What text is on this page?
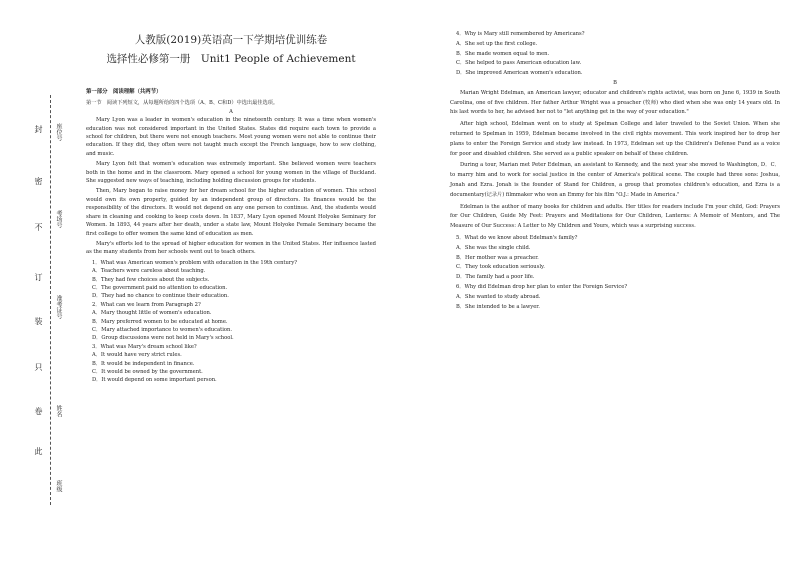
封
密
不
订
装
只
卷
此
座位号
考场号
准考证号
姓名
班级
人教版(2019)英语高一下学期培优训练卷
选择性必修第一册　Unit1 People of Achievement
第一部分　阅读理解（共两节）
第一节　阅读下列短文，从每题所给的四个选项（A、B、C和D）中选出最佳选项。
A

Mary Lyon was a leader in women's education in the nineteenth century. It was a time when women's education was not considered important in the United States. States did require each town to provide a school for children, but there were not enough teachers. Most young women were not able to continue their education. If they did, they often were not taught much except the French language, how to sew clothing, and music.

Mary Lyon felt that women's education was extremely important. She believed women were teachers both in the home and in the classroom. Mary opened a school for young women in the village of Buckland. She suggested new ways of teaching, including holding discussion groups for students.

Then, Mary began to raise money for her dream school for the higher education of women. This school would own its own property, guided by an independent group of directors. Its finances would be the responsibility of the directors. It would not depend on any one person to continue. And, the students would share in cleaning and cooking to keep costs down. In 1837, Mary Lyon opened Mount Holyoke Seminary for Women. In 1893, 44 years after her death, under a state law, Mount Holyoke Female Seminary became the first college to offer women the same kind of education as men.

Mary's efforts led to the spread of higher education for women in the United States. Her influence lasted as the many students from her schools went out to teach others.

1．What was American women's problem with education in the 19th century?
A．Teachers were careless about teaching.
B．They had few choices about the subjects.
C．The government paid no attention to education.
D．They had no chance to continue their education.
2．What can we learn from Paragraph 2?
A．Mary thought little of women's education.
B．Mary preferred women to be educated at home.
C．Mary attached importance to women's education.
D．Group discussions were not held in Mary's school.
3．What was Mary's dream school like?
A．It would have very strict rules.
B．It would be independent in finance.
C．It would be owned by the government.
D．It would depend on some important person.
4．Why is Mary still remembered by Americans?
A．She set up the first college.
B．She made women equal to men.
C．She helped to pass American education law.
D．She improved American women's education.
B

Marian Wright Edelman, an American lawyer, educator and children's rights activist, was born on June 6, 1939 in South Carolina, one of five children. Her father Arthur Wright was a preacher (牧师) who died when she was only 14 years old. In his last words to her, he advised her not to "let anything get in the way of your education."

After high school, Edelman went on to study at Spelman College and later traveled to the Soviet Union. When she returned to Spelman in 1959, Edelman became involved in the civil rights movement. This work inspired her to drop her plans to enter the Foreign Service and study law instead. In 1973, Edelman set up the Children's Defense Fund as a voice for poor and disabled children. She served as a public speaker on behalf of these children.

During a tour, Marian met Peter Edelman, an assistant to Kennedy, and the next year she moved to Washington, D．C．to marry him and to work for social justice in the center of America's political scene. The couple had three sons: Joshua, Jonah and Ezra. Jonah is the founder of Stand for Children, a group that promotes children's education, and Ezra is a documentary(记录片) filmmaker who won an Emmy for his film "O.J.: Made in America."

Edelman is the author of many books for children and adults. Her titles for readers include I'm your child, God: Prayers for Our Children, Guide My Feet: Prayers and Meditations for Our Children, Lanterns: A Memoir of Mentors, and The Measure of Our Success: A Letter to My Children and Yours, which was a surprising success.

5．What do we know about Edelman's family?
A．She was the single child.
B．Her mother was a preacher.
C．They took education seriously.
D．The family had a poor life.
6．Why did Edelman drop her plan to enter the Foreign Service?
A．She wanted to study abroad.
B．She intended to be a lawyer.
